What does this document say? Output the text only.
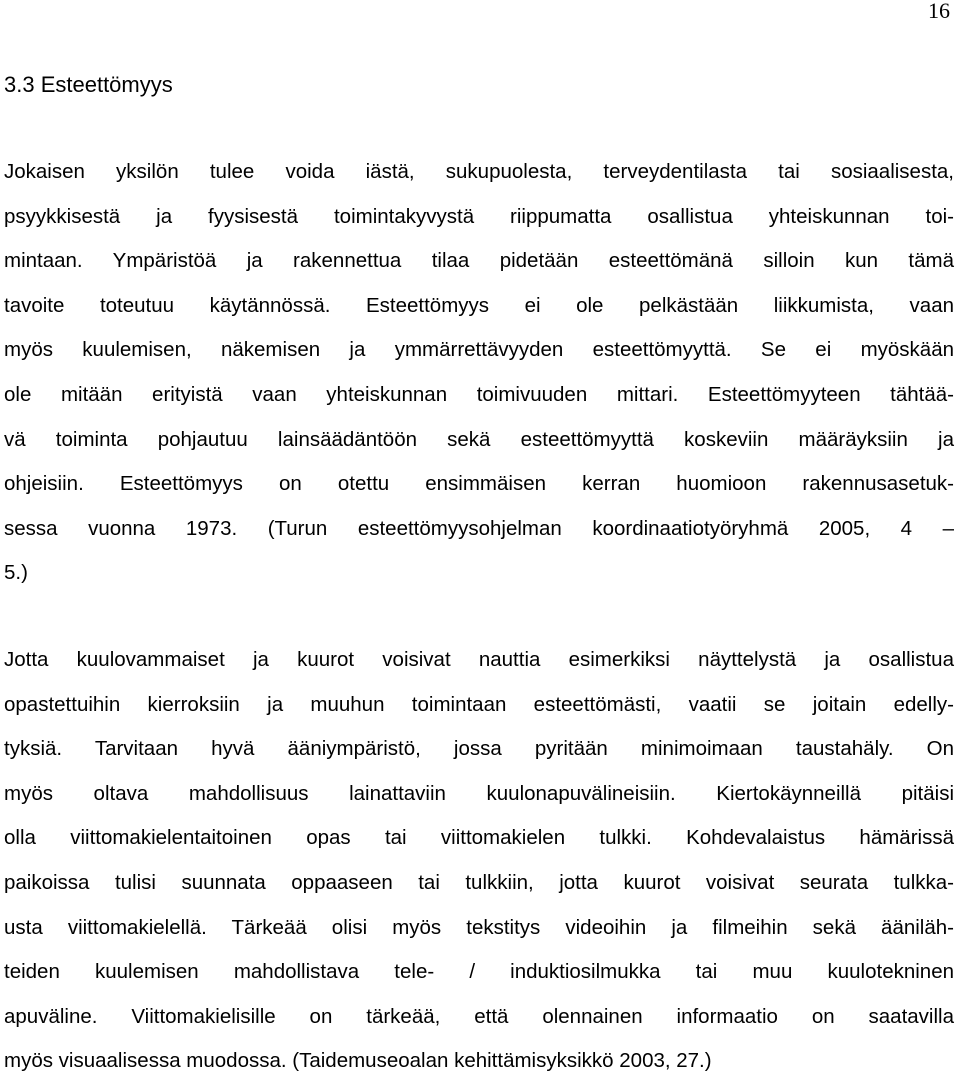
16
3.3 Esteettömyys
Jokaisen yksilön tulee voida iästä, sukupuolesta, terveydentilasta tai sosiaalisesta,
psyykkisestä ja fyysisestä toimintakyvystä riippumatta osallistua yhteiskunnan toi-
mintaan. Ympäristöä ja rakennettua tilaa pidetään esteettömänä silloin kun tämä
tavoite toteutuu käytännössä. Esteettömyys ei ole pelkästään liikkumista, vaan
myös kuulemisen, näkemisen ja ymmärrettävyyden esteettömyyttä. Se ei myöskään
ole mitään erityistä vaan yhteiskunnan toimivuuden mittari. Esteettömyyteen tähtää-
vä toiminta pohjautuu lainsäädäntöön sekä esteettömyyttä koskeviin määräyksiin ja
ohjeisiin. Esteettömyys on otettu ensimmäisen kerran huomioon rakennusasetuk-
sessa vuonna 1973. (Turun esteettömyysohjelman koordinaatiotyöryhmä 2005, 4 –
5.)
Jotta kuulovammaiset ja kuurot voisivat nauttia esimerkiksi näyttelystä ja osallistua
opastettuihin kierroksiin ja muuhun toimintaan esteettömästi, vaatii se joitain edelly-
tyksiä. Tarvitaan hyvä ääniympäristö, jossa pyritään minimoimaan taustahäly. On
myös oltava mahdollisuus lainattaviin kuulonapuvälineisiin. Kiertokäynneillä pitäisi
olla viittomakielentaitoinen opas tai viittomakielen tulkki. Kohdevalaistus hämärissä
paikoissa tulisi suunnata oppaaseen tai tulkkiin, jotta kuurot voisivat seurata tulkka-
usta viittomakielellä. Tärkeää olisi myös tekstitys videoihin ja filmeihin sekä ääniläh-
teiden kuulemisen mahdollistava tele- / induktiosilmukka tai muu kuulotekninen
apuväline. Viittomakielisille on tärkeää, että olennainen informaatio on saatavilla
myös visuaalisessa muodossa. (Taidemuseoalan kehittämisyksikkö 2003, 27.)
